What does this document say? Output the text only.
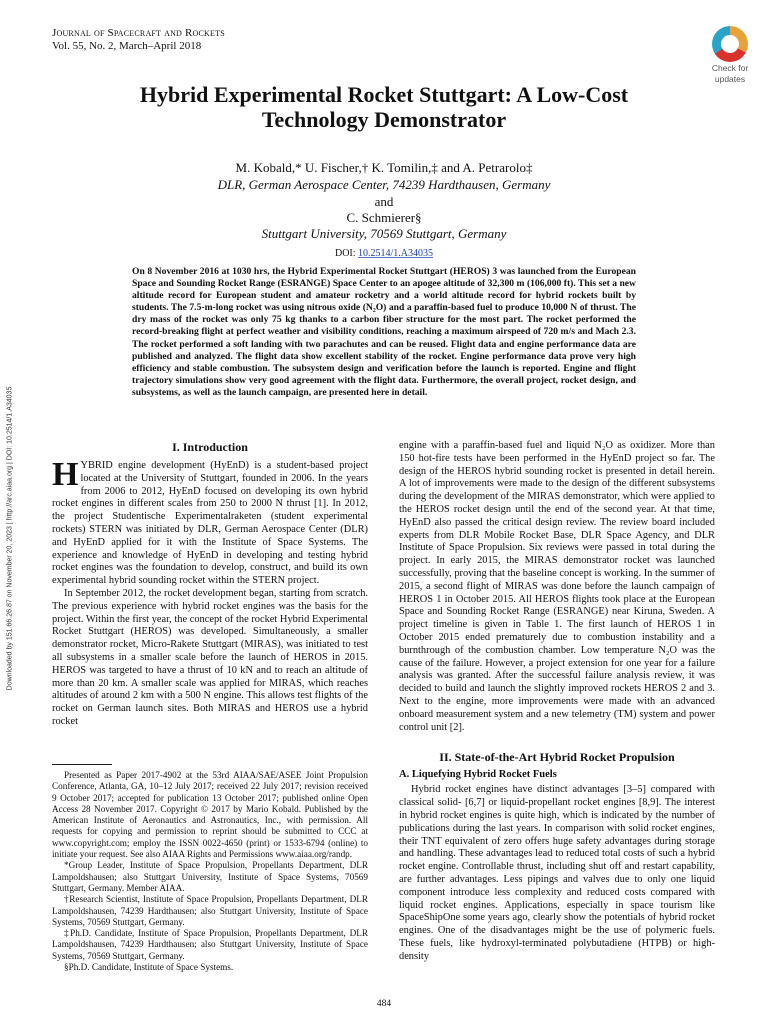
Journal of Spacecraft and Rockets
Vol. 55, No. 2, March–April 2018
Check for
updates
Hybrid Experimental Rocket Stuttgart: A Low-Cost
Technology Demonstrator
M. Kobald,* U. Fischer,† K. Tomilin,‡ and A. Petrarolo‡
DLR, German Aerospace Center, 74239 Hardthausen, Germany
and
C. Schmierer§
Stuttgart University, 70569 Stuttgart, Germany
DOI: 10.2514/1.A34035
On 8 November 2016 at 1030 hrs, the Hybrid Experimental Rocket Stuttgart (HEROS) 3 was launched from the European Space and Sounding Rocket Range (ESRANGE) Space Center to an apogee altitude of 32,300 m (106,000 ft). This set a new altitude record for European student and amateur rocketry and a world altitude record for hybrid rockets built by students. The 7.5-m-long rocket was using nitrous oxide (N₂O) and a paraffin-based fuel to produce 10,000 N of thrust. The dry mass of the rocket was only 75 kg thanks to a carbon fiber structure for the most part. The rocket performed the record-breaking flight at perfect weather and visibility conditions, reaching a maximum airspeed of 720 m/s and Mach 2.3. The rocket performed a soft landing with two parachutes and can be reused. Flight data and engine performance data are published and analyzed. The flight data show excellent stability of the rocket. Engine performance data prove very high efficiency and stable combustion. The subsystem design and verification before the launch is reported. Engine and flight trajectory simulations show very good agreement with the flight data. Furthermore, the overall project, rocket design, and subsystems, as well as the launch campaign, are presented here in detail.
Downloaded by 151.66.26.87 on November 20, 2023 | http://arc.aiaa.org | DOI: 10.2514/1.A34035	I. Introduction

HYBRID engine development (HyEnD) is a student-based project located at the University of Stuttgart, founded in 2006. In the years from 2006 to 2012, HyEnD focused on developing its own hybrid rocket engines in different scales from 250 to 2000 N thrust [1]. In 2012, the project Studentische Experimentalraketen (student experimental rockets) STERN was initiated by DLR, German Aerospace Center (DLR) and HyEnD applied for it with the Institute of Space Systems. The experience and knowledge of HyEnD in developing and testing hybrid rocket engines was the foundation to develop, construct, and build its own experimental hybrid sounding rocket within the STERN project.

In September 2012, the rocket development began, starting from scratch. The previous experience with hybrid rocket engines was the basis for the project. Within the first year, the concept of the rocket Hybrid Experimental Rocket Stuttgart (HEROS) was developed. Simultaneously, a smaller demonstrator rocket, Micro-Rakete Stuttgart (MIRAS), was initiated to test all subsystems in a smaller scale before the launch of HEROS in 2015. HEROS was targeted to have a thrust of 10 kN and to reach an altitude of more than 20 km. A smaller scale was applied for MIRAS, which reaches altitudes of around 2 km with a 500 N engine. This allows test flights of the rocket on German launch sites. Both MIRAS and HEROS use a hybrid rocket

Presented as Paper 2017-4902 at the 53rd AIAA/SAE/ASEE Joint Propulsion Conference, Atlanta, GA, 10–12 July 2017; received 22 July 2017; revision received 9 October 2017; accepted for publication 13 October 2017; published online Open Access 28 November 2017. Copyright © 2017 by Mario Kobald. Published by the American Institute of Aeronautics and Astronautics, Inc., with permission. All requests for copying and permission to reprint should be submitted to CCC at www.copyright.com; employ the ISSN 0022-4650 (print) or 1533-6794 (online) to initiate your request. See also AIAA Rights and Permissions www.aiaa.org/randp.

*Group Leader, Institute of Space Propulsion, Propellants Department, DLR Lampoldshausen; also Stuttgart University, Institute of Space Systems, 70569 Stuttgart, Germany. Member AIAA.

†Research Scientist, Institute of Space Propulsion, Propellants Department, DLR Lampoldshausen, 74239 Hardthausen; also Stuttgart University, Institute of Space Systems, 70569 Stuttgart, Germany.

‡Ph.D. Candidate, Institute of Space Propulsion, Propellants Department, DLR Lampoldshausen, 74239 Hardthausen; also Stuttgart University, Institute of Space Systems, 70569 Stuttgart, Germany.

§Ph.D. Candidate, Institute of Space Systems.

engine with a paraffin-based fuel and liquid N₂O as oxidizer. More than 150 hot-fire tests have been performed in the HyEnD project so far. The design of the HEROS hybrid sounding rocket is presented in detail herein. A lot of improvements were made to the design of the different subsystems during the development of the MIRAS demonstrator, which were applied to the HEROS rocket design until the end of the second year. At that time, HyEnD also passed the critical design review. The review board included experts from DLR Mobile Rocket Base, DLR Space Agency, and DLR Institute of Space Propulsion. Six reviews were passed in total during the project. In early 2015, the MIRAS demonstrator rocket was launched successfully, proving that the baseline concept is working. In the summer of 2015, a second flight of MIRAS was done before the launch campaign of HEROS 1 in October 2015. All HEROS flights took place at the European Space and Sounding Rocket Range (ESRANGE) near Kiruna, Sweden. A project timeline is given in Table 1. The first launch of HEROS 1 in October 2015 ended prematurely due to combustion instability and a burnthrough of the combustion chamber. Low temperature N₂O was the cause of the failure. However, a project extension for one year for a failure analysis was granted. After the successful failure analysis review, it was decided to build and launch the slightly improved rockets HEROS 2 and 3. Next to the engine, more improvements were made with an advanced onboard measurement system and a new telemetry (TM) system and power control unit [2].

II. State-of-the-Art Hybrid Rocket Propulsion
A. Liquefying Hybrid Rocket Fuels

Hybrid rocket engines have distinct advantages [3–5] compared with classical solid- [6,7] or liquid-propellant rocket engines [8,9]. The interest in hybrid rocket engines is quite high, which is indicated by the number of publications during the last years. In comparison with solid rocket engines, their TNT equivalent of zero offers huge safety advantages during storage and handling. These advantages lead to reduced total costs of such a hybrid rocket engine. Controllable thrust, including shut off and restart capability, are further advantages. Less pipings and valves due to only one liquid component introduce less complexity and reduced costs compared with liquid rocket engines. Applications, especially in space tourism like SpaceShipOne some years ago, clearly show the potentials of hybrid rocket engines. One of the disadvantages might be the use of polymeric fuels. These fuels, like hydroxyl-terminated polybutadiene (HTPB) or high-density

484
